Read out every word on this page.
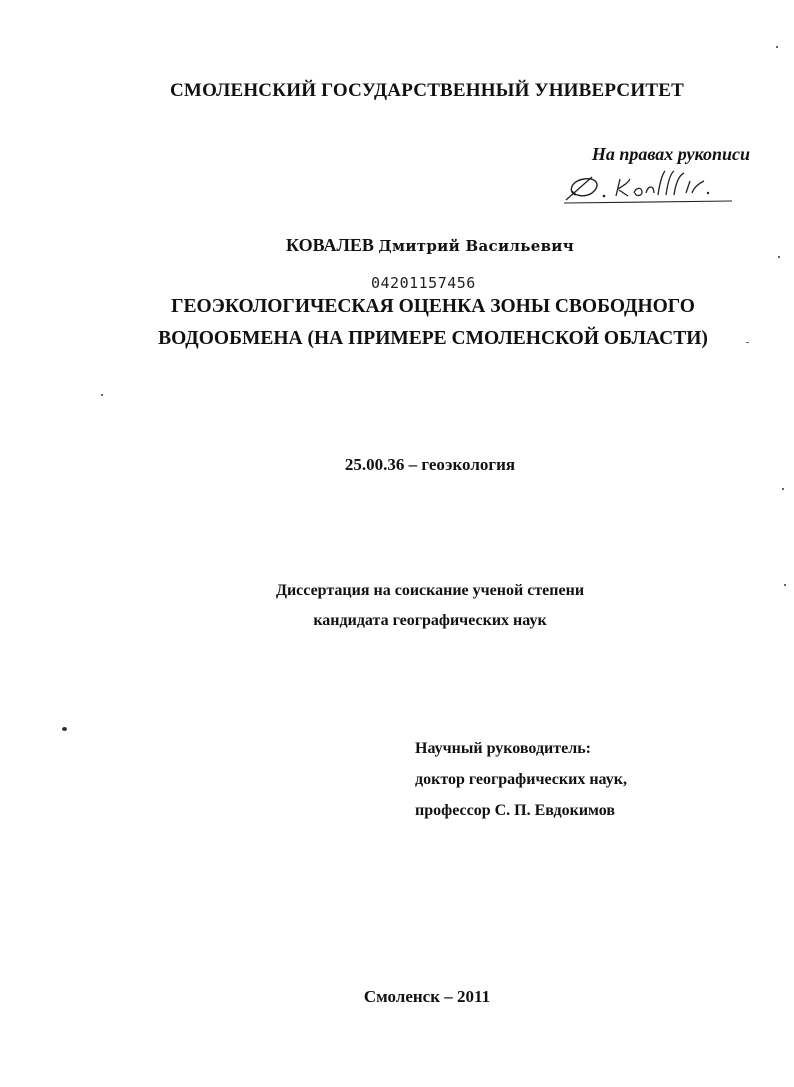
СМОЛЕНСКИЙ ГОСУДАРСТВЕННЫЙ УНИВЕРСИТЕТ
На правах рукописи
КОВАЛЕВ Дмитрий Васильевич
04201157456
ГЕОЭКОЛОГИЧЕСКАЯ ОЦЕНКА ЗОНЫ СВОБОДНОГО
ВОДООБМЕНА (НА ПРИМЕРЕ СМОЛЕНСКОЙ ОБЛАСТИ)
25.00.36 – геоэкология
Диссертация на соискание ученой степени
кандидата географических наук
Научный руководитель:
доктор географических наук,
профессор С. П. Евдокимов
Смоленск – 2011
